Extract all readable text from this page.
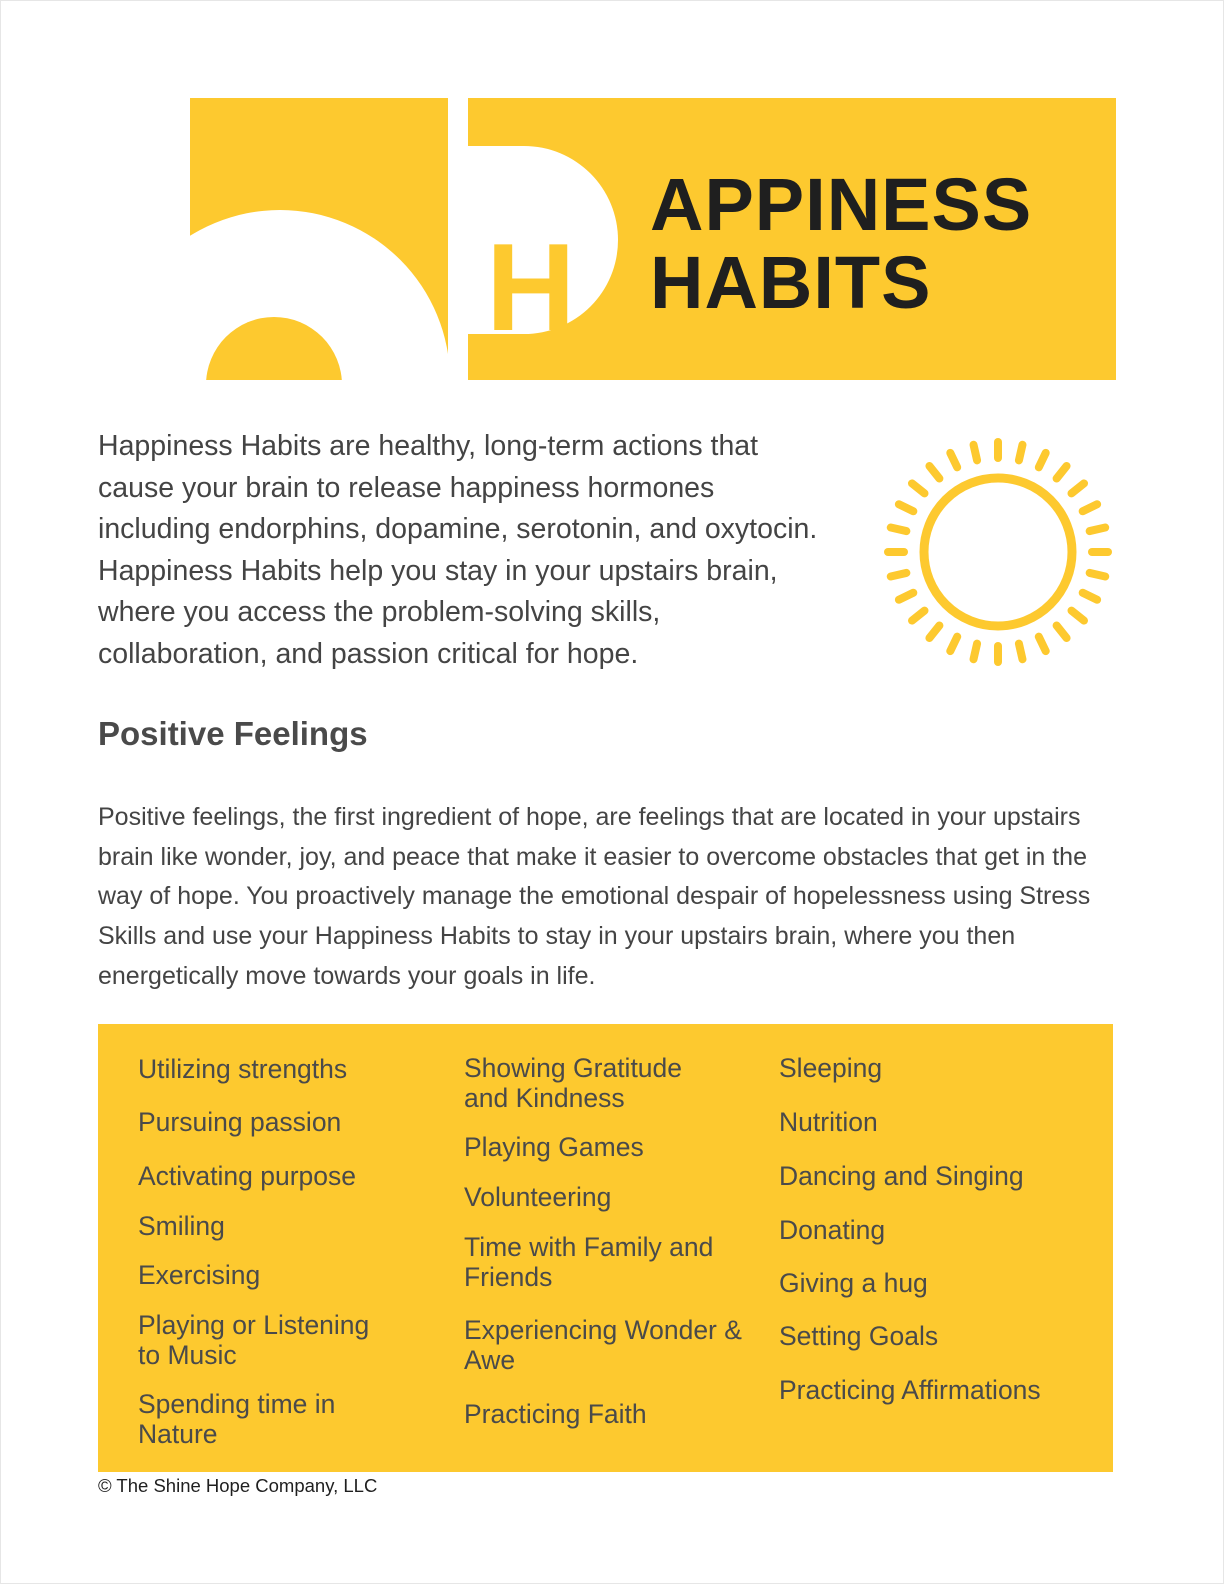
H
APPINESS
HABITS

Happiness Habits are healthy, long-term actions that cause your brain to release happiness hormones including endorphins, dopamine, serotonin, and oxytocin. Happiness Habits help you stay in your upstairs brain, where you access the problem-solving skills, collaboration, and passion critical for hope.

Positive Feelings

Positive feelings, the first ingredient of hope, are feelings that are located in your upstairs brain like wonder, joy, and peace that make it easier to overcome obstacles that get in the way of hope. You proactively manage the emotional despair of hopelessness using Stress Skills and use your Happiness Habits to stay in your upstairs brain, where you then energetically move towards your goals in life.

Utilizing strengths
Pursuing passion
Activating purpose
Smiling
Exercising
Playing or Listening to Music
Spending time in Nature
Showing Gratitude and Kindness
Playing Games
Volunteering
Time with Family and Friends
Experiencing Wonder & Awe
Practicing Faith
Sleeping
Nutrition
Dancing and Singing
Donating
Giving a hug
Setting Goals
Practicing Affirmations
© The Shine Hope Company, LLC
